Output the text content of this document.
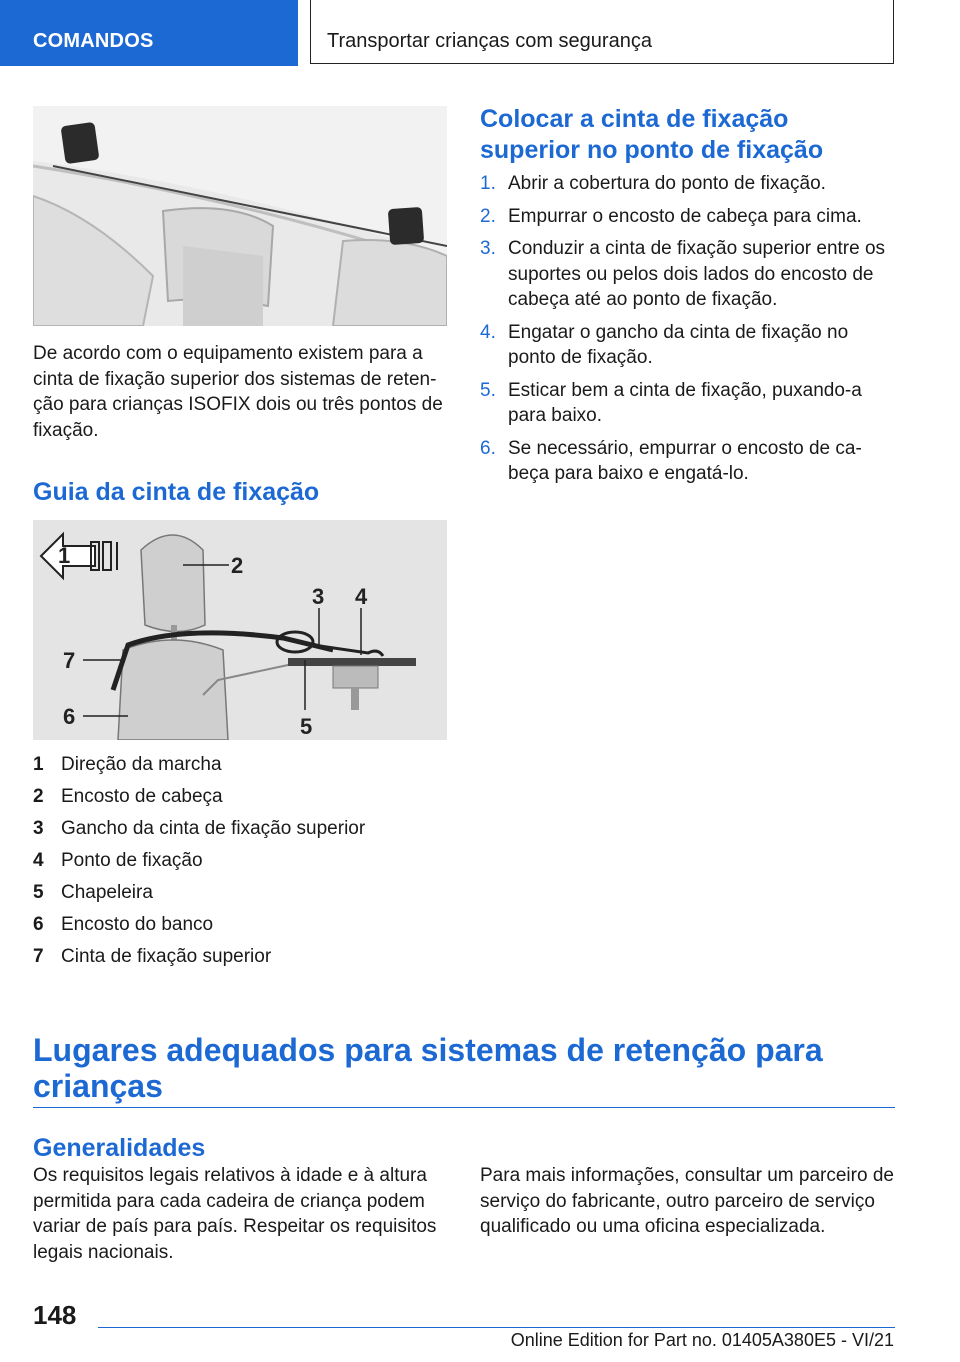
COMANDOS	Transportar crianças com segurança

De acordo com o equipamento existem para a cinta de fixação superior dos sistemas de reten-ção para crianças ISOFIX dois ou três pontos de fixação.

Guia da cinta de fixação
1	2
3 4
5
6
7
1 Direção da marcha
2 Encosto de cabeça
3 Gancho da cinta de fixação superior
4 Ponto de fixação
5 Chapeleira
6 Encosto do banco
7 Cinta de fixação superior
Colocar a cinta de fixação superior no ponto de fixação
1. Abrir a cobertura do ponto de fixação.
2. Empurrar o encosto de cabeça para cima.
3. Conduzir a cinta de fixação superior entre os suportes ou pelos dois lados do encosto de cabeça até ao ponto de fixação.
4. Engatar o gancho da cinta de fixação no ponto de fixação.
5. Esticar bem a cinta de fixação, puxando-a para baixo.
6. Se necessário, empurrar o encosto de ca-beça para baixo e engatá-lo.
Lugares adequados para sistemas de retenção para crianças
Generalidades

Os requisitos legais relativos à idade e à altura permitida para cada cadeira de criança podem variar de país para país. Respeitar os requisitos legais nacionais.

Para mais informações, consultar um parceiro de serviço do fabricante, outro parceiro de serviço qualificado ou uma oficina especializada.

148
Online Edition for Part no. 01405A380E5 - VI/21
